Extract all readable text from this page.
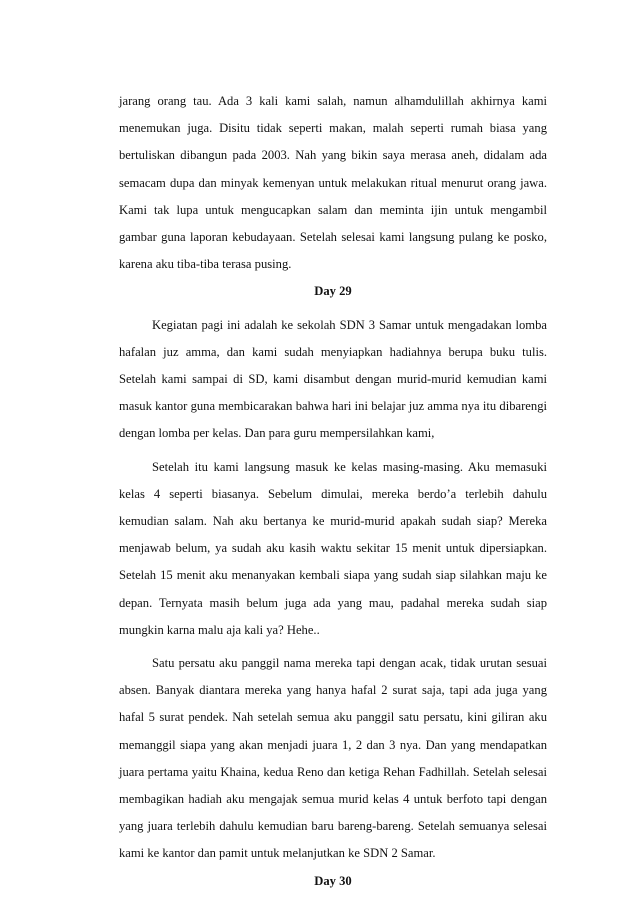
jarang orang tau. Ada 3 kali kami salah, namun alhamdulillah akhirnya kami menemukan juga. Disitu tidak seperti makan, malah seperti rumah biasa yang bertuliskan dibangun pada 2003. Nah yang bikin saya merasa aneh, didalam ada semacam dupa dan minyak kemenyan untuk melakukan ritual menurut orang jawa. Kami tak lupa untuk mengucapkan salam dan meminta ijin untuk mengambil gambar guna laporan kebudayaan. Setelah selesai kami langsung pulang ke posko, karena aku tiba-tiba terasa pusing.

Day 29

Kegiatan pagi ini adalah ke sekolah SDN 3 Samar untuk mengadakan lomba hafalan juz amma, dan kami sudah menyiapkan hadiahnya berupa buku tulis. Setelah kami sampai di SD, kami disambut dengan murid-murid kemudian kami masuk kantor guna membicarakan bahwa hari ini belajar juz amma nya itu dibarengi dengan lomba per kelas. Dan para guru mempersilahkan kami,

Setelah itu kami langsung masuk ke kelas masing-masing. Aku memasuki kelas 4 seperti biasanya. Sebelum dimulai, mereka berdo’a terlebih dahulu kemudian salam. Nah aku bertanya ke murid-murid apakah sudah siap? Mereka menjawab belum, ya sudah aku kasih waktu sekitar 15 menit untuk dipersiapkan. Setelah 15 menit aku menanyakan kembali siapa yang sudah siap silahkan maju ke depan. Ternyata masih belum juga ada yang mau, padahal mereka sudah siap mungkin karna malu aja kali ya? Hehe..

Satu persatu aku panggil nama mereka tapi dengan acak, tidak urutan sesuai absen. Banyak diantara mereka yang hanya hafal 2 surat saja, tapi ada juga yang hafal 5 surat pendek. Nah setelah semua aku panggil satu persatu, kini giliran aku memanggil siapa yang akan menjadi juara 1, 2 dan 3 nya. Dan yang mendapatkan juara pertama yaitu Khaina, kedua Reno dan ketiga Rehan Fadhillah. Setelah selesai membagikan hadiah aku mengajak semua murid kelas 4 untuk berfoto tapi dengan yang juara terlebih dahulu kemudian baru bareng-bareng. Setelah semuanya selesai kami ke kantor dan pamit untuk melanjutkan ke SDN 2 Samar.

Day 30
